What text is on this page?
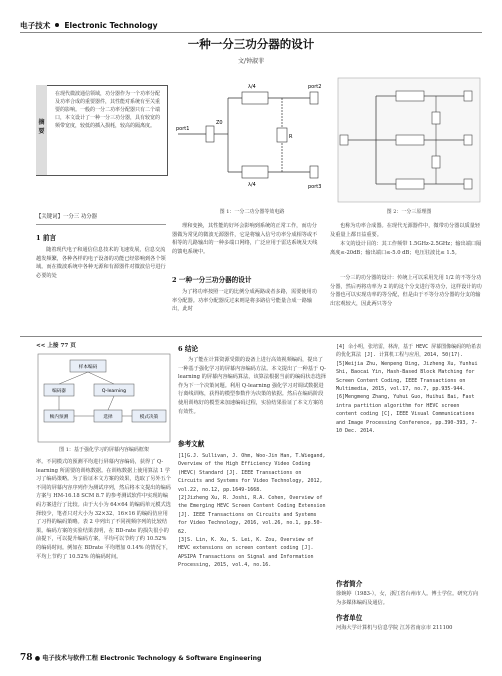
电子技术 Electronic Technology
一种一分三功分器的设计
文/钟淑菲
摘要
在现代微波通信领域，功分器作为一个功率分配及功率合成的重要器件，其性能对系统有至关重要的影响。一般的一分二功率分配器只有二个端口，本文设计了一种一分三功分器，具有较宽的频带宽度，较低的插入损耗，较高的隔离度。
【关键词】一分三 功分器
1 前言

随着现代电子和通信信息技术的飞速发展，信息交流越发频繁，各种各样的电子设备的功能已经影响到各个领域。而在微波系统中各种无源和有源器件对微波信号进行必要的处

port1
port2
port3
Z0
λ/4
λ/4
R
图 1：一分二功分器等效电路	图 2：一分三原理图

理和变换，其性能的好坏会影响到系统的正常工作，而功分器做为常见的微波无源器件，它是将输入信号功率分成相等或不相等的几路输出的一种多端口网络，广泛应用于雷达系统及天线的馈电系统中。

2 一种一分三功分器的设计

为了将功率按照一定的比例分成两路或者多路，需要使用功率分配器。功率分配器反过来则是将多路信号能量合成一路输出，此时

也称为功率合成器。在现代无源器件中，微带功分器以质量轻及重量上都日益重要。

本文的设计目的：其工作频带 1.5GHz-2.5GHz；输出端口隔离度≤-20dB；输出端口≤-5.0 dB；电压驻波比≤ 1.5。

一分三的功分器的设计：传统上可以采用先用 1/2 的不等分功分器，然后再将功率为 2 的的这个分支进行等功分，这样设计的功分器也可以实现功率的等分配，但是由于不等分功分器的分支的输出宏观较大，因此两只等分

<< 上接 77 页
样本编码
编码器	Q-learning
帧内预测	选择	模式决策
图 1：基于强化学习的屏幕内容编码框架

率。不同模式的预测平均进行屏幕内容编码，获得了 Q-learning 所需要的训练数据。在训练数据上使用算法 1 学习了编码策略。为了验证本文方案的效果，选取了另外五个不同的屏幕内容序列作为测试序列，然后将本文提出的编码方案与 HM-16.18 SCM 8.7 的参考测试软件中实现的编码方案进行了比较。由于大小为 64×64 的编码单元模式选择较少，笔者只对大小为 32×32、16×16 的编码仿应用了习得的编码策略。表 2 中列出了不同视频序列的比较结果。编码方案的实验结果表明，在 BD-rate 的损失很小的前提下，可以提升编码方案，平均可以节约了约 10.52% 的编码时间。例如在 BDrate 平均增加 0.14% 的情况下，平均上节约了 10.52% 的编码时间。

6 结论

为了能在计算资源受限的设备上进行高效视频编码，提出了一种基于强化学习的屏幕内容编码方法。本文提出了一种基于 Q-learning 的屏幕内容编码算法，该算法根据当前的编码状态选择作为下一个决策问题。利用 Q-learning 强化学习对调试数据进行离线训练，获得的模型参数作为决策的依据。然后在编码阶段使用训练好的模型来加速编码过程，实验结果验证了本文方案的有效性。

参考文献

[1]G.J. Sullivan, J. Ohm, Woo-Jin Han, T.Wiegand, Overview of the High Efficiency Video Coding (HEVC) Standard [J]. IEEE Transactions on Circuits and Systems for Video Technology, 2012, vol.22, no.12, pp.1649-1668.

[2]Jizheng Xu, R. Joshi, R.A. Cohen, Overview of the Emerging HEVC Screen Content Coding Extension [J]. IEEE Transactions on Circuits and Systems for Video Technology, 2016, vol.26, no.1, pp.50-62.

[3]S. Lin, K. Xu, S. Lei, K. Zou, Overview of HEVC extensions on screen content coding [J]. APSIPA Transactions on Signal and Information Processing, 2015, vol.4, no.16.

[4] 余小明，张培雷，林涛，基于 HEVC 屏幕图像编码的哈希表的优化算法 [J]. 计算机工程与应用，2014, 50(17).

[5]Weijia Zhu, Wenpeng Ding, Jizheng Xu, Yunhui Shi, Baocai Yin, Hash-Based Block Matching for Screen Content Coding, IEEE Transactions on Multimedia, 2015, vol.17, no.7, pp.935-944.

[6]Mengmeng Zhang, Yuhui Guo, Huihui Bai, Fast intra partition algorithm for HEVC screen content coding [C], IEEE Visual Communications and Image Processing Conference, pp.390-393, 7-10 Dec. 2014.

作者简介
徐婉婷（1983-），女，浙江省台州市人。博士学位。研究方向为多媒体编码及通信。
作者单位
河海大学计算机与信息学院 江苏省南京市 211100
78 ● 电子技术与软件工程 Electronic Technology & Software Engineering
